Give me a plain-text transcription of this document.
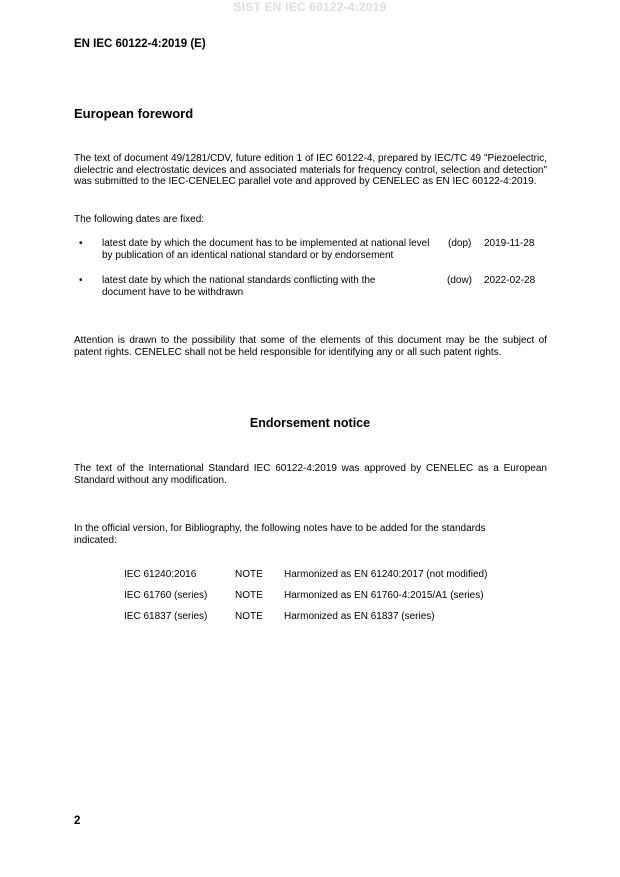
SIST EN IEC 60122-4:2019
EN IEC 60122-4:2019 (E)
European foreword
The text of document 49/1281/CDV, future edition 1 of IEC 60122-4, prepared by IEC/TC 49 "Piezoelectric, dielectric and electrostatic devices and associated materials for frequency control, selection and detection" was submitted to the IEC-CENELEC parallel vote and approved by CENELEC as EN IEC 60122-4:2019.
The following dates are fixed:
• latest date by which the document has to be implemented at national level by publication of an identical national standard or by endorsement
(dop) 2019-11-28
• latest date by which the national standards conflicting with the document have to be withdrawn
(dow) 2022-02-28
Attention is drawn to the possibility that some of the elements of this document may be the subject of patent rights. CENELEC shall not be held responsible for identifying any or all such patent rights.
Endorsement notice
The text of the International Standard IEC 60122-4:2019 was approved by CENELEC as a European Standard without any modification.
In the official version, for Bibliography, the following notes have to be added for the standards indicated:
IEC 61240:2016	NOTE Harmonized as EN 61240:2017 (not modified)
IEC 61760 (series)	NOTE Harmonized as EN 61760-4:2015/A1 (series)
IEC 61837 (series)	NOTE Harmonized as EN 61837 (series)
2
